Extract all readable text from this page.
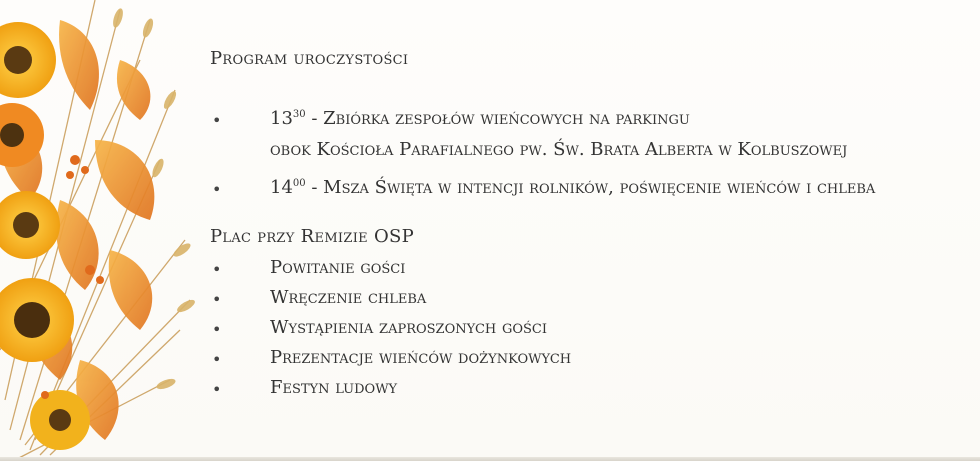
Program uroczystości
•	$13^{30}$ - Zbiórka zespołów wieńcowych na parkingu
obok Kościoła Parafialnego pw. Św. Brata Alberta w Kolbuszowej
•	$14^{00}$ - Msza Święta w intencji rolników, poświęcenie wieńców i chleba
Plac przy Remizie OSP
•	Powitanie gości
•	Wręczenie chleba
•	Wystąpienia zaproszonych gości
•	Prezentacje wieńców dożynkowych
•	Festyn ludowy
